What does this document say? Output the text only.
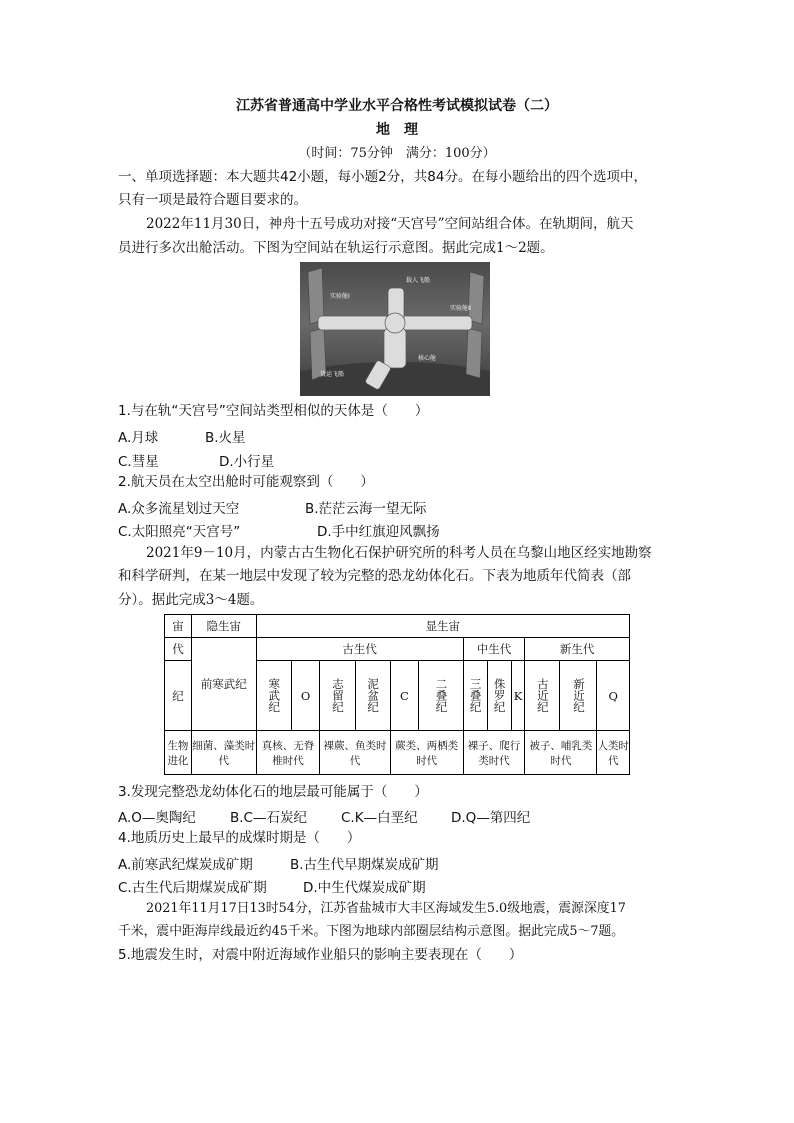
江苏省普通高中学业水平合格性考试模拟试卷（二）
地　理
（时间：75分钟　满分：100分）
一、单项选择题：本大题共42小题，每小题2分，共84分。在每小题给出的四个选项中，
只有一项是最符合题目要求的。
2022年11月30日，神舟十五号成功对接“天宫号”空间站组合体。在轨期间，航天
员进行多次出舱活动。下图为空间站在轨运行示意图。据此完成1～2题。
实验舱Ⅰ
载人飞船
实验舱Ⅱ
核心舱
货运飞船
1.与在轨“天宫号”空间站类型相似的天体是（　　）
A.月球	B.火星
C.彗星	D.小行星
2.航天员在太空出舱时可能观察到（　　）
A.众多流星划过天空	B.茫茫云海一望无际
C.太阳照亮“天宫号”	D.手中红旗迎风飘扬
2021年9－10月，内蒙古古生物化石保护研究所的科考人员在乌黎山地区经实地勘察
和科学研判，在某一地层中发现了较为完整的恐龙幼体化石。下表为地质年代简表（部
分）。据此完成3～4题。
宙	隐生宙	显生宙											
代	前寒武纪	古生代						中生代			新生代		
纪		寒武纪	O	志留纪	泥盆纪	C	二叠纪	三叠纪	侏罗纪	K	古近纪	新近纪	Q
生物进化	细菌、藻类时代	真核、无脊椎时代		裸蕨、鱼类时代		蕨类、两栖类时代		裸子、爬行类时代			被子、哺乳类时代		人类时代
3.发现完整恐龙幼体化石的地层最可能属于（　　）
A.O—奥陶纪	B.C—石炭纪	C.K—白垩纪 D.Q—第四纪
4.地质历史上最早的成煤时期是（　　）
A.前寒武纪煤炭成矿期	B.古生代早期煤炭成矿期
C.古生代后期煤炭成矿期	D.中生代煤炭成矿期
2021年11月17日13时54分，江苏省盐城市大丰区海域发生5.0级地震，震源深度17
千米，震中距海岸线最近约45千米。下图为地球内部圈层结构示意图。据此完成5～7题。
5.地震发生时，对震中附近海域作业船只的影响主要表现在（　　）
